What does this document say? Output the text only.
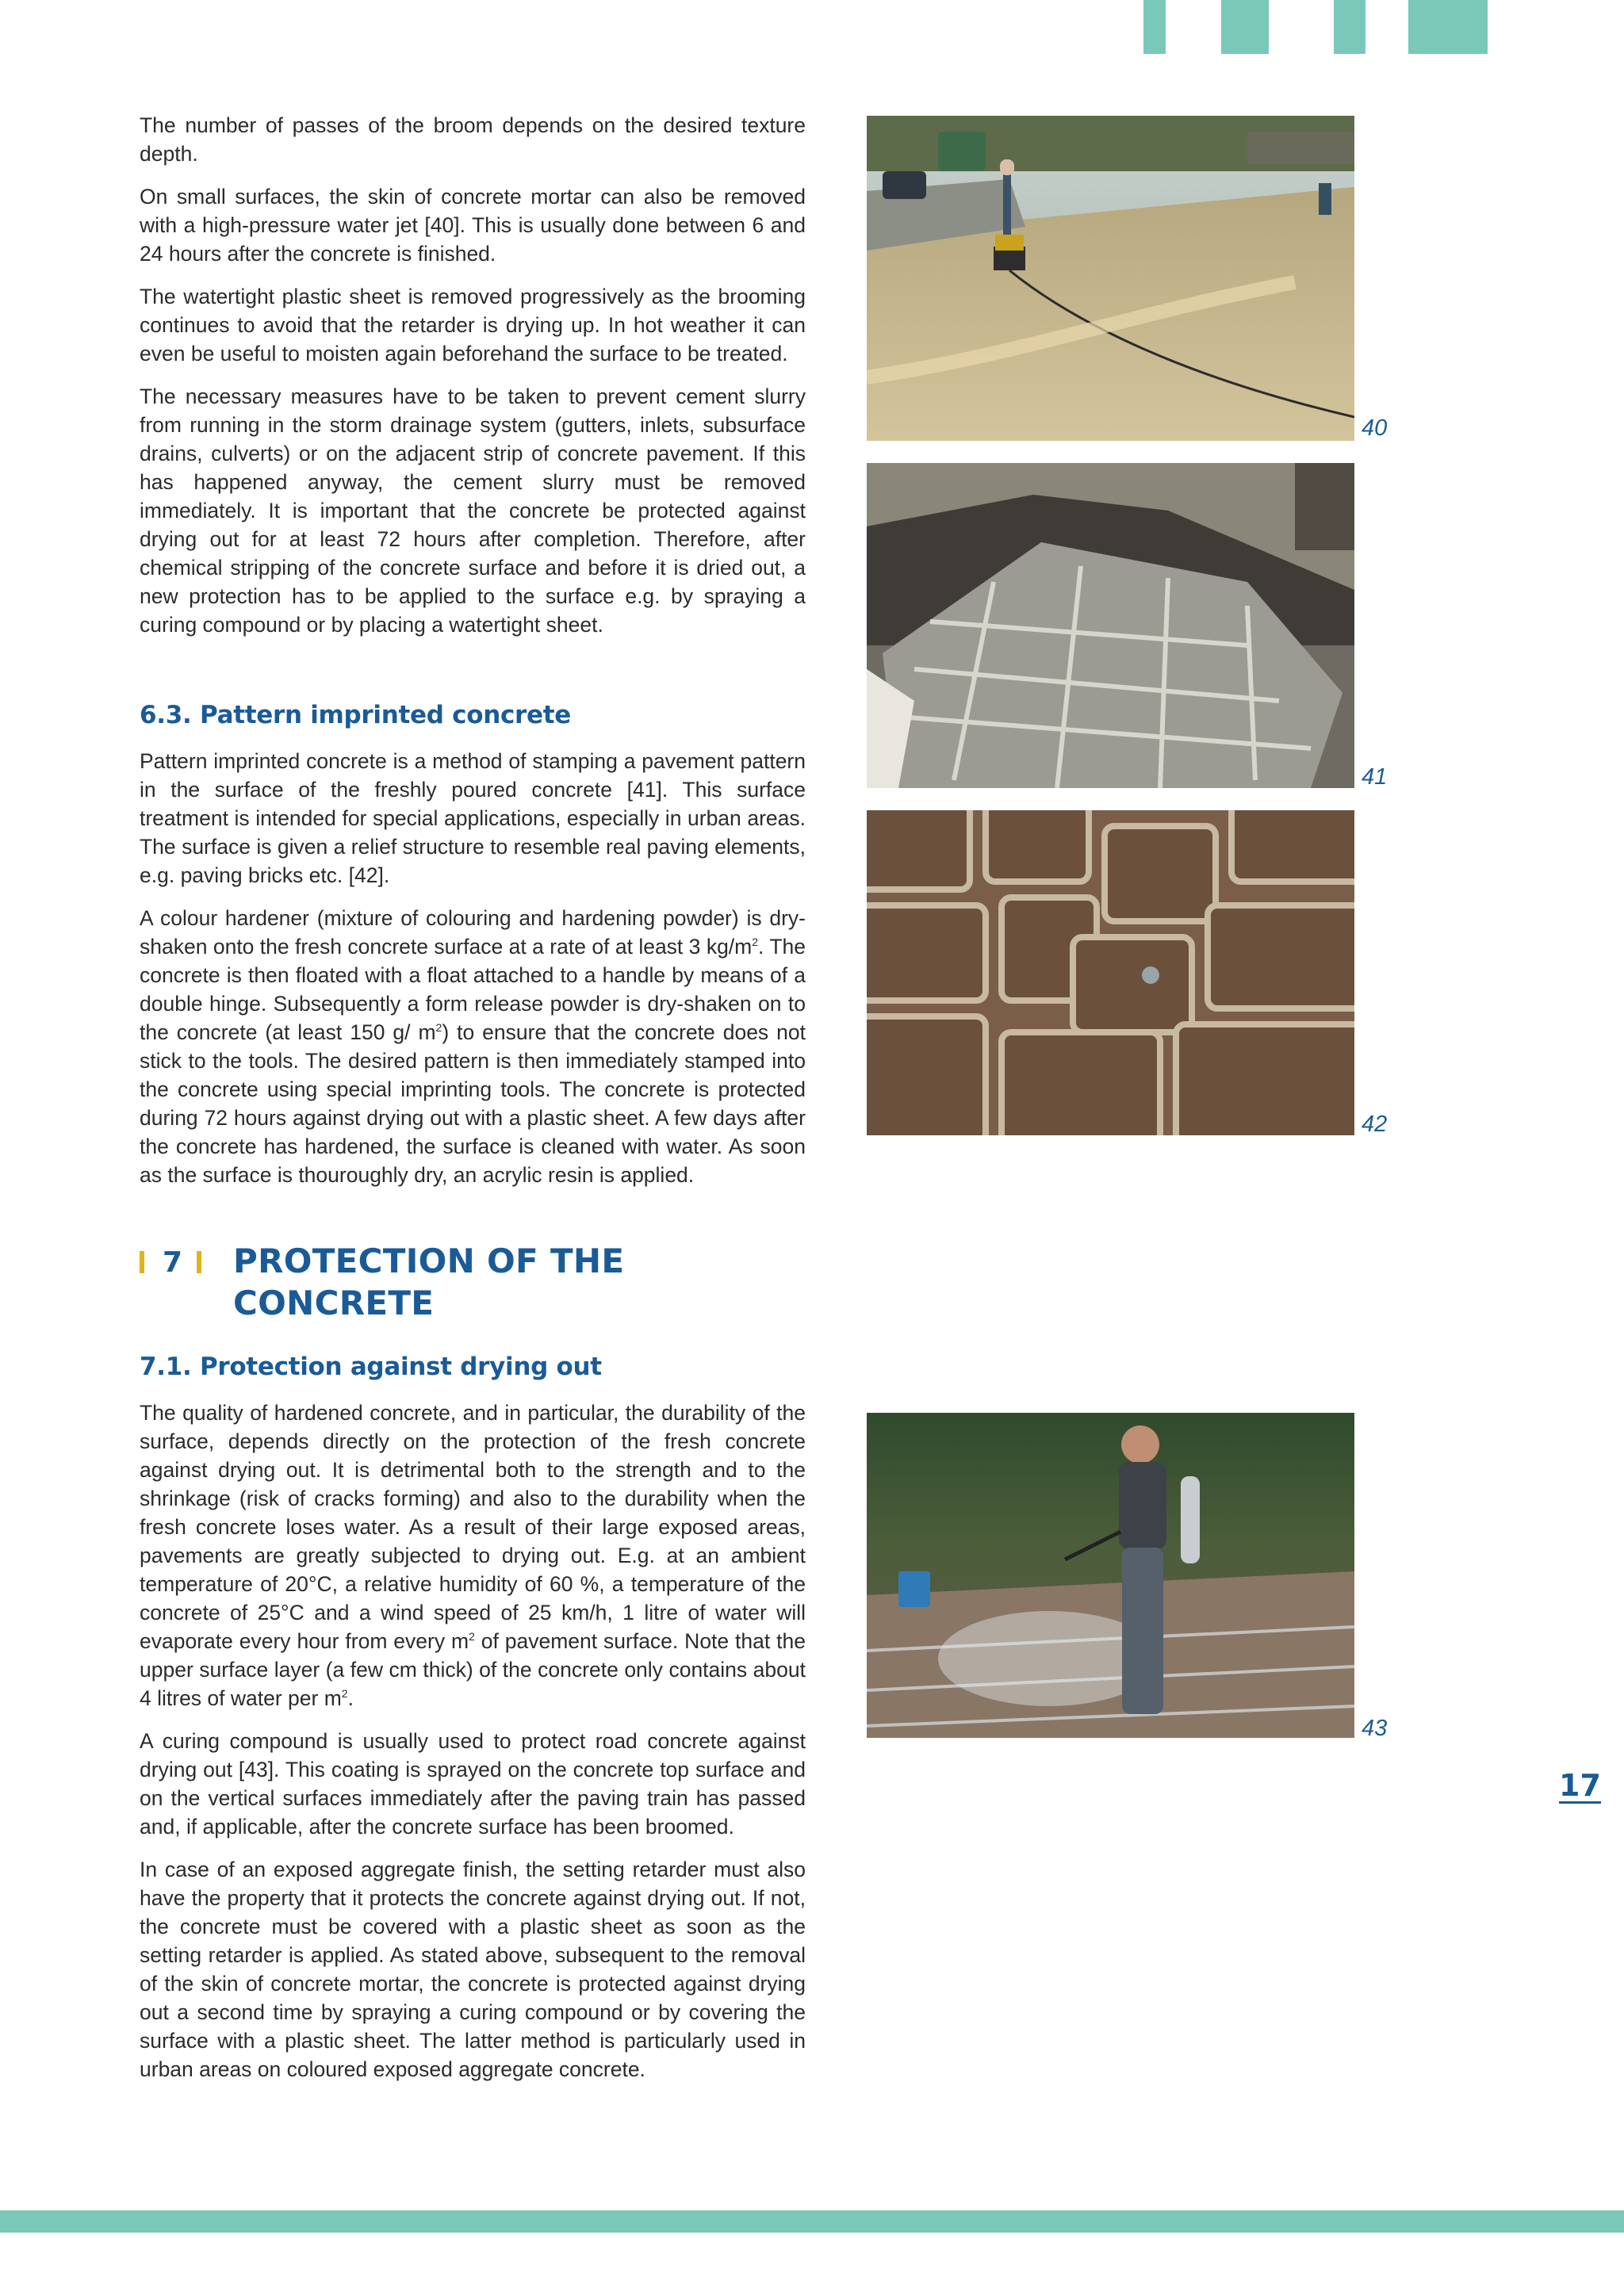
The number of passes of the broom depends on the desired texture depth.

On small surfaces, the skin of concrete mortar can also be removed with a high-pressure water jet [40]. This is usually done between 6 and 24 hours after the concrete is finished.

The watertight plastic sheet is removed progressively as the brooming continues to avoid that the retarder is drying up. In hot weather it can even be useful to moisten again beforehand the surface to be treated.

The necessary measures have to be taken to prevent cement slurry from running in the storm drainage system (gutters, inlets, subsurface drains, culverts) or on the adjacent strip of concrete pavement. If this has happened anyway, the cement slurry must be removed immediately. It is important that the concrete be protected against drying out for at least 72 hours after completion. Therefore, after chemical stripping of the concrete surface and before it is dried out, a new protection has to be applied to the surface e.g. by spraying a curing compound or by placing a watertight sheet.

6.3. Pattern imprinted concrete

Pattern imprinted concrete is a method of stamping a pavement pattern in the surface of the freshly poured concrete [41]. This surface treatment is intended for special applications, especially in urban areas. The surface is given a relief structure to resemble real paving elements, e.g. paving bricks etc. [42].

A colour hardener (mixture of colouring and hardening powder) is dry-shaken onto the fresh concrete surface at a rate of at least 3 $kg/m^2$. The concrete is then floated with a float attached to a handle by means of a double hinge. Subsequently a form release powder is dry-shaken on to the concrete (at least 150 g/ $m^2$) to ensure that the concrete does not stick to the tools. The desired pattern is then immediately stamped into the concrete using special imprinting tools. The concrete is protected during 72 hours against drying out with a plastic sheet. A few days after the concrete has hardened, the surface is cleaned with water. As soon as the surface is thouroughly dry, an acrylic resin is applied.

7 PROTECTION OF THE
CONCRETE
7.1. Protection against drying out

The quality of hardened concrete, and in particular, the durability of the surface, depends directly on the protection of the fresh concrete against drying out. It is detrimental both to the strength and to the shrinkage (risk of cracks forming) and also to the durability when the fresh concrete loses water. As a result of their large exposed areas, pavements are greatly subjected to drying out. E.g. at an ambient temperature of 20°C, a relative humidity of 60 %, a temperature of the concrete of 25°C and a wind speed of 25 km/h, 1 litre of water will evaporate every hour from every $m^2$ of pavement surface. Note that the upper surface layer (a few cm thick) of the concrete only contains about 4 litres of water per $m^2$.

A curing compound is usually used to protect road concrete against drying out [43]. This coating is sprayed on the concrete top surface and on the vertical surfaces immediately after the paving train has passed and, if applicable, after the concrete surface has been broomed.

In case of an exposed aggregate finish, the setting retarder must also have the property that it protects the concrete against drying out. If not, the concrete must be covered with a plastic sheet as soon as the setting retarder is applied. As stated above, subsequent to the removal of the skin of concrete mortar, the concrete is protected against drying out a second time by spraying a curing compound or by covering the surface with a plastic sheet. The latter method is particularly used in urban areas on coloured exposed aggregate concrete.

40
41
42
43
17
